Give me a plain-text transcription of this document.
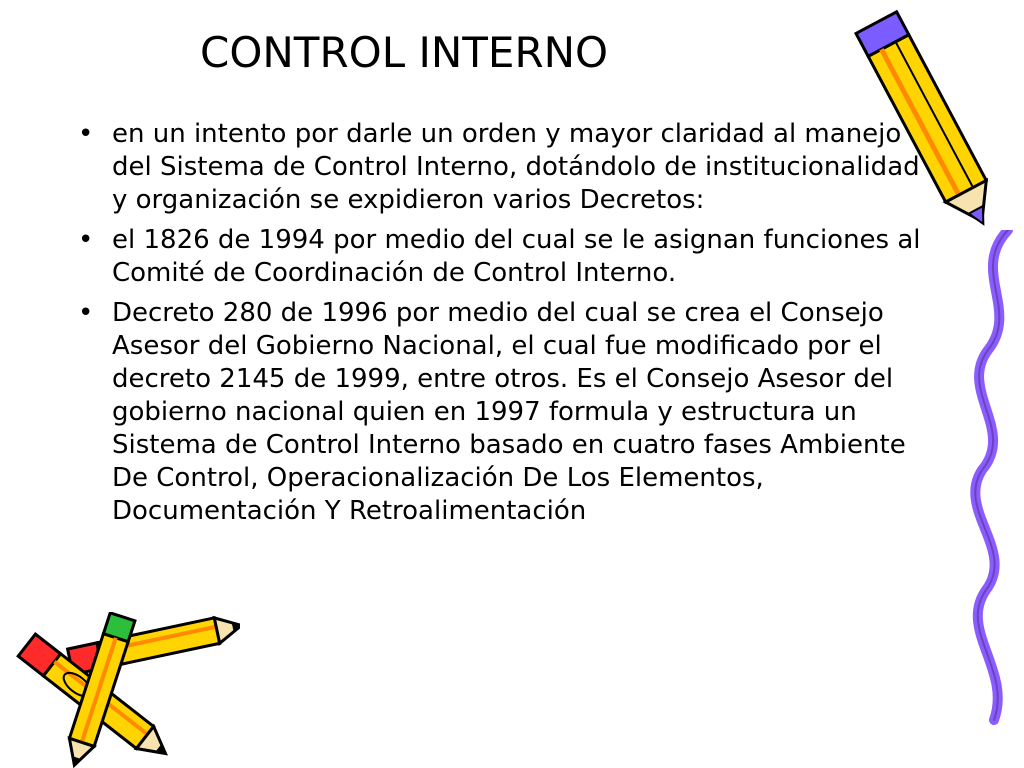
CONTROL INTERNO
• en un intento por darle un orden y mayor claridad al manejo del Sistema de Control Interno, dotándolo de institucionalidad y organización se expidieron varios Decretos:
• el 1826 de 1994 por medio del cual se le asignan funciones al Comité de Coordinación de Control Interno.
• Decreto 280 de 1996 por medio del cual se crea el Consejo Asesor del Gobierno Nacional, el cual fue modificado por el decreto 2145 de 1999, entre otros. Es el Consejo Asesor del gobierno nacional quien en 1997 formula y estructura un Sistema de Control Interno basado en cuatro fases Ambiente De Control, Operacionalización De Los Elementos, Documentación Y Retroalimentación
